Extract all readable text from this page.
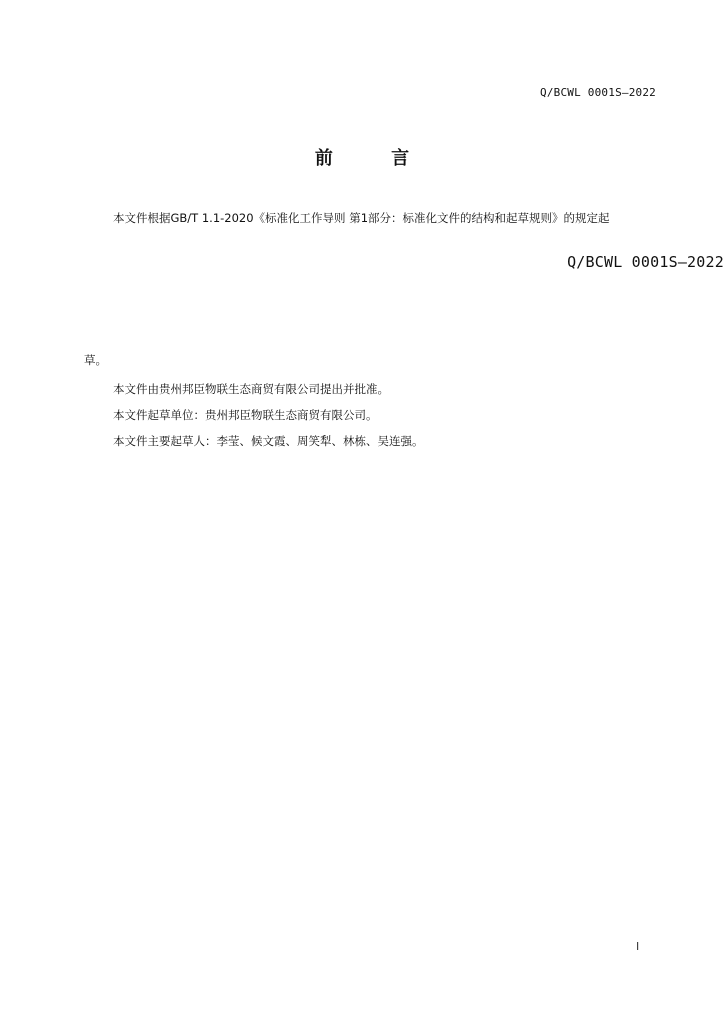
Q/BCWL 0001S—2022
前 言
本文件根据GB/T 1.1-2020《标准化工作导则 第1部分：标准化文件的结构和起草规则》的规定起
Q/BCWL 0001S—2022
草。
本文件由贵州邦臣物联生态商贸有限公司提出并批准。
本文件起草单位：贵州邦臣物联生态商贸有限公司。
本文件主要起草人：李莹、候文霞、周笑犁、林栋、吴连强。
I
